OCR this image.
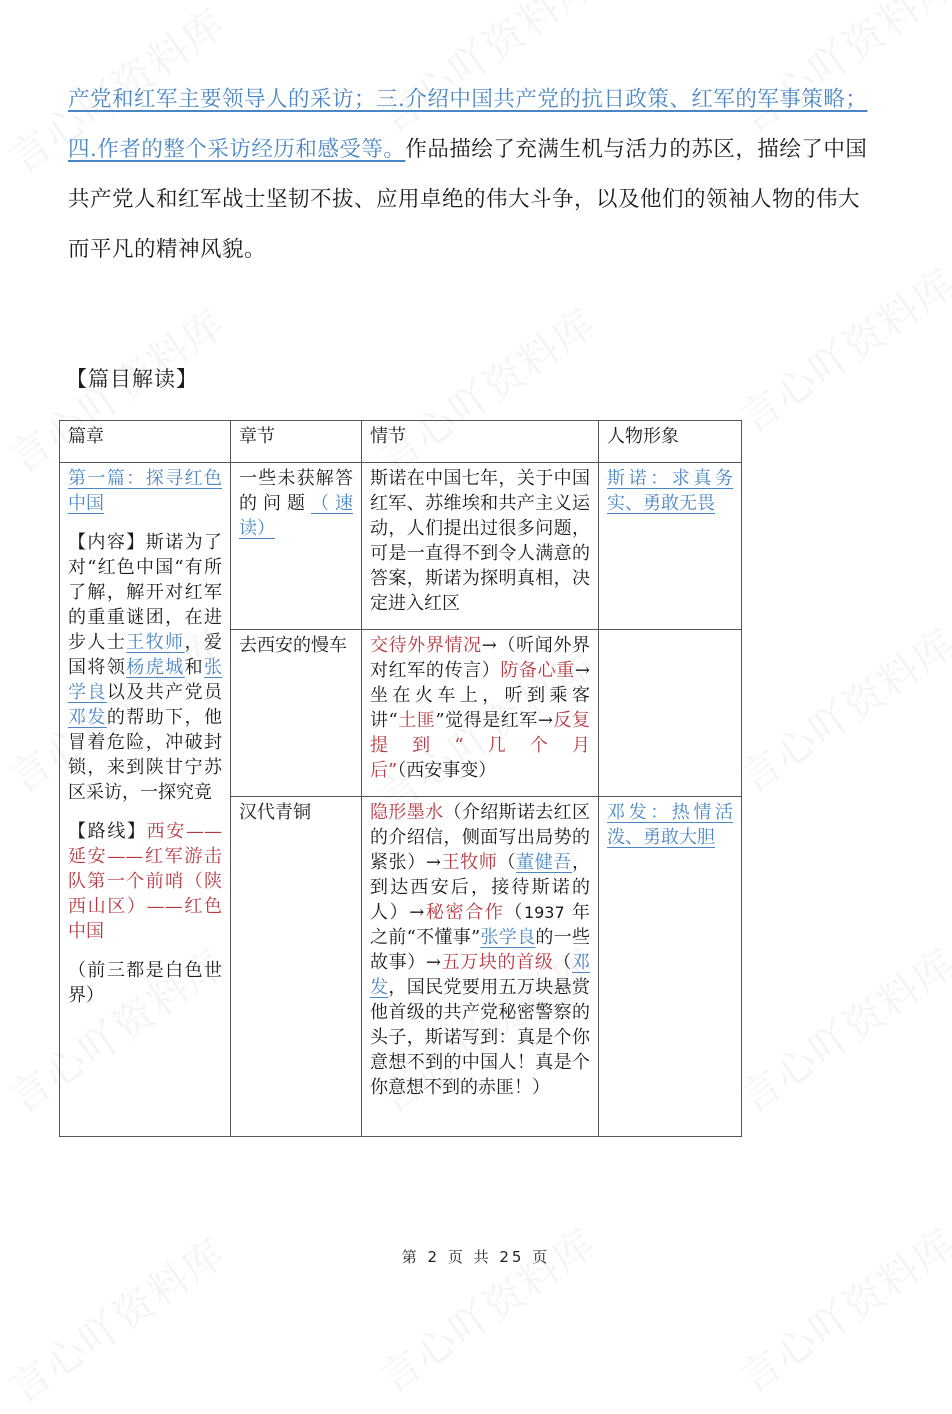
产党和红军主要领导人的采访；三.介绍中国共产党的抗日政策、红军的军事策略；
四.作者的整个采访经历和感受等。作品描绘了充满生机与活力的苏区，描绘了中国
共产党人和红军战士坚韧不拔、应用卓绝的伟大斗争，以及他们的领袖人物的伟大
而平凡的精神风貌。
【篇目解读】
篇章	章节	情节	人物形象
第一篇：探寻红色中国
【内容】斯诺为了对“红色中国“有所了解，解开对红军的重重谜团，在进步人士王牧师，爱国将领杨虎城和张学良以及共产党员邓发的帮助下，他冒着危险，冲破封锁，来到陕甘宁苏区采访，一探究竟
【路线】西安——延安——红军游击队第一个前哨（陕西山区）——红色中国
（前三都是白色世界）	一些未获解答的问题（速读）	斯诺在中国七年，关于中国红军、苏维埃和共产主义运动，人们提出过很多问题，可是一直得不到令人满意的答案，斯诺为探明真相，决定进入红区	斯诺：求真务实、勇敢无畏
	去西安的慢车	交待外界情况→（听闻外界对红军的传言）防备心重→坐在火车上，听到乘客讲“土匪”觉得是红军→反复提到“几个月后”（西安事变）	
	汉代青铜	隐形墨水（介绍斯诺去红区的介绍信，侧面写出局势的紧张）→王牧师（董健吾，到达西安后，接待斯诺的人）→秘密合作（1937 年之前“不懂事”张学良的一些故事）→五万块的首级（邓发，国民党要用五万块悬赏他首级的共产党秘密警察的头子，斯诺写到：真是个你意想不到的中国人！真是个你意想不到的赤匪！）	邓发：热情活泼、勇敢大胆
第 2 页 共 25 页
